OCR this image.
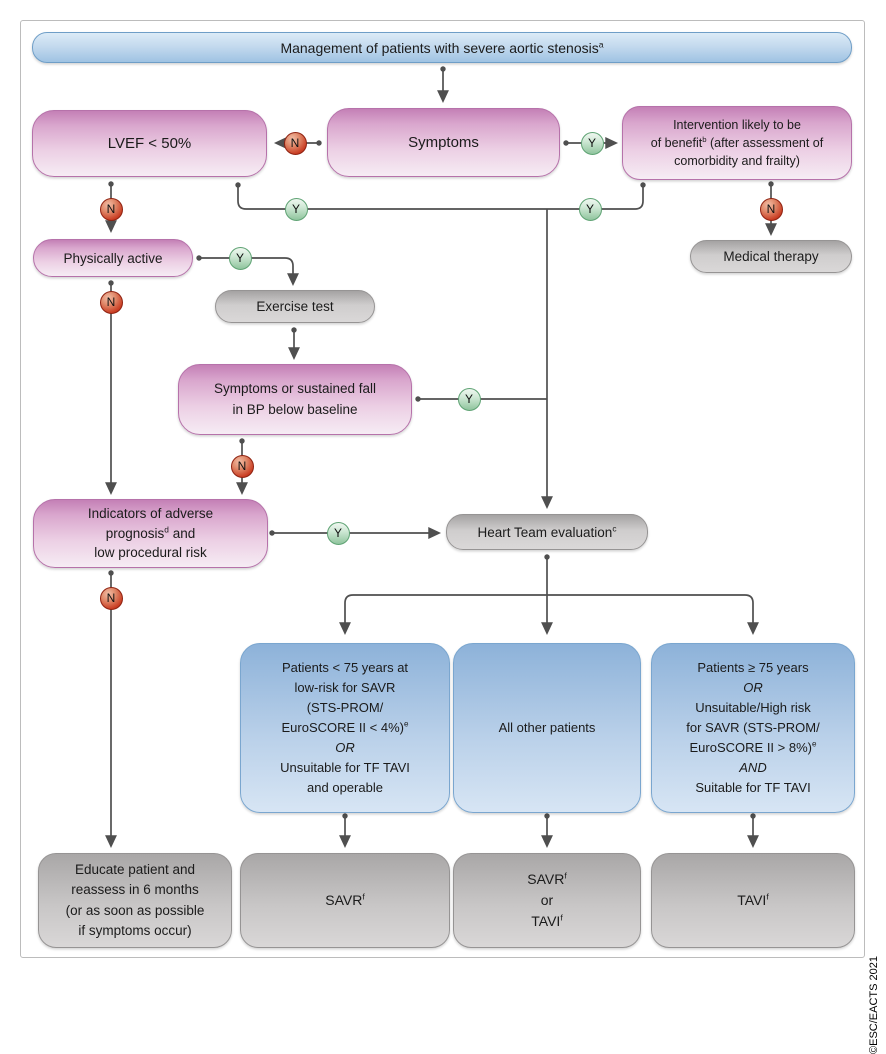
Management of patients with severe aortic stenosis$^a$
LVEF < 50%	Symptoms
Intervention likely to be
of benefit$^b$ (after assessment of
comorbidity and frailty)
Physically active
Exercise test
Symptoms or sustained fall
in BP below baseline
Indicators of adverse
prognosis$^d$ and
low procedural risk
Heart Team evaluation$^c$
Medical therapy
Patients < 75 years at
low-risk for SAVR
(STS-PROM/
EuroSCORE II < 4%)$^e$
OR
Unsuitable for TF TAVI
and operable
All other patients
Patients ≥ 75 years
OR
Unsuitable/High risk
for SAVR (STS-PROM/
EuroSCORE II > 8%)$^e$
AND
Suitable for TF TAVI
Educate patient and
reassess in 6 months
(or as soon as possible
if symptoms occur)
SAVR$^f$
SAVR$^f$
or
TAVI$^f$
TAVI$^f$
N	Y
N	Y	Y	N
Y
N
Y
N
Y
N
©ESC/EACTS 2021
